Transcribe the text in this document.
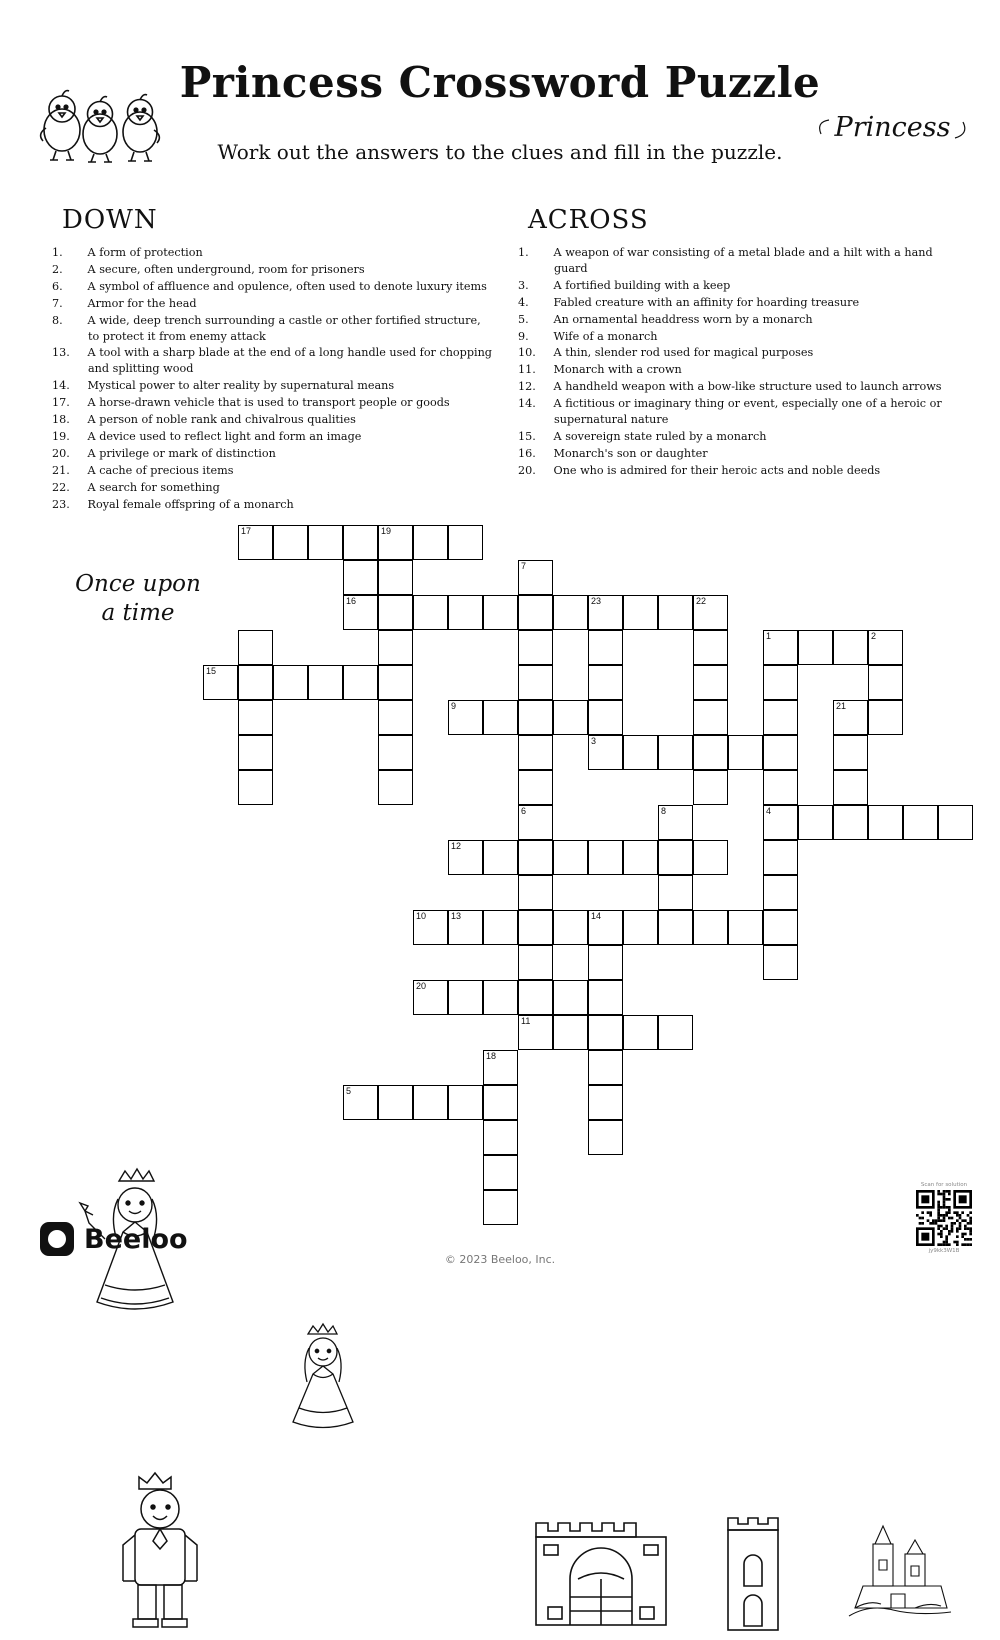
Princess Crossword Puzzle
Work out the answers to the clues and fill in the puzzle.
Princess
DOWN
1. A form of protection
2. A secure, often underground, room for prisoners
6. A symbol of affluence and opulence, often used to denote luxury items
7. Armor for the head
8. A wide, deep trench surrounding a castle or other fortified structure, to protect it from enemy attack
13. A tool with a sharp blade at the end of a long handle used for chopping and splitting wood
14. Mystical power to alter reality by supernatural means
17. A horse-drawn vehicle that is used to transport people or goods
18. A person of noble rank and chivalrous qualities
19. A device used to reflect light and form an image
20. A privilege or mark of distinction
21. A cache of precious items
22. A search for something
23. Royal female offspring of a monarch
ACROSS
1. A weapon of war consisting of a metal blade and a hilt with a hand guard
3. A fortified building with a keep
4. Fabled creature with an affinity for hoarding treasure
5. An ornamental headdress worn by a monarch
9. Wife of a monarch
10. A thin, slender rod used for magical purposes
11. Monarch with a crown
12. A handheld weapon with a bow-like structure used to launch arrows
14. A fictitious or imaginary thing or event, especially one of a heroic or supernatural nature
15. A sovereign state ruled by a monarch
16. Monarch's son or daughter
20. One who is admired for their heroic acts and noble deeds
Once upon
a time
17	19
7
16	23	22
1	2
15
9	21
3
6	8	4
12
10	13	14
20
11
18
5
Beeloo
© 2023 Beeloo, Inc.
Scan for solution
jy9kk3W1B
